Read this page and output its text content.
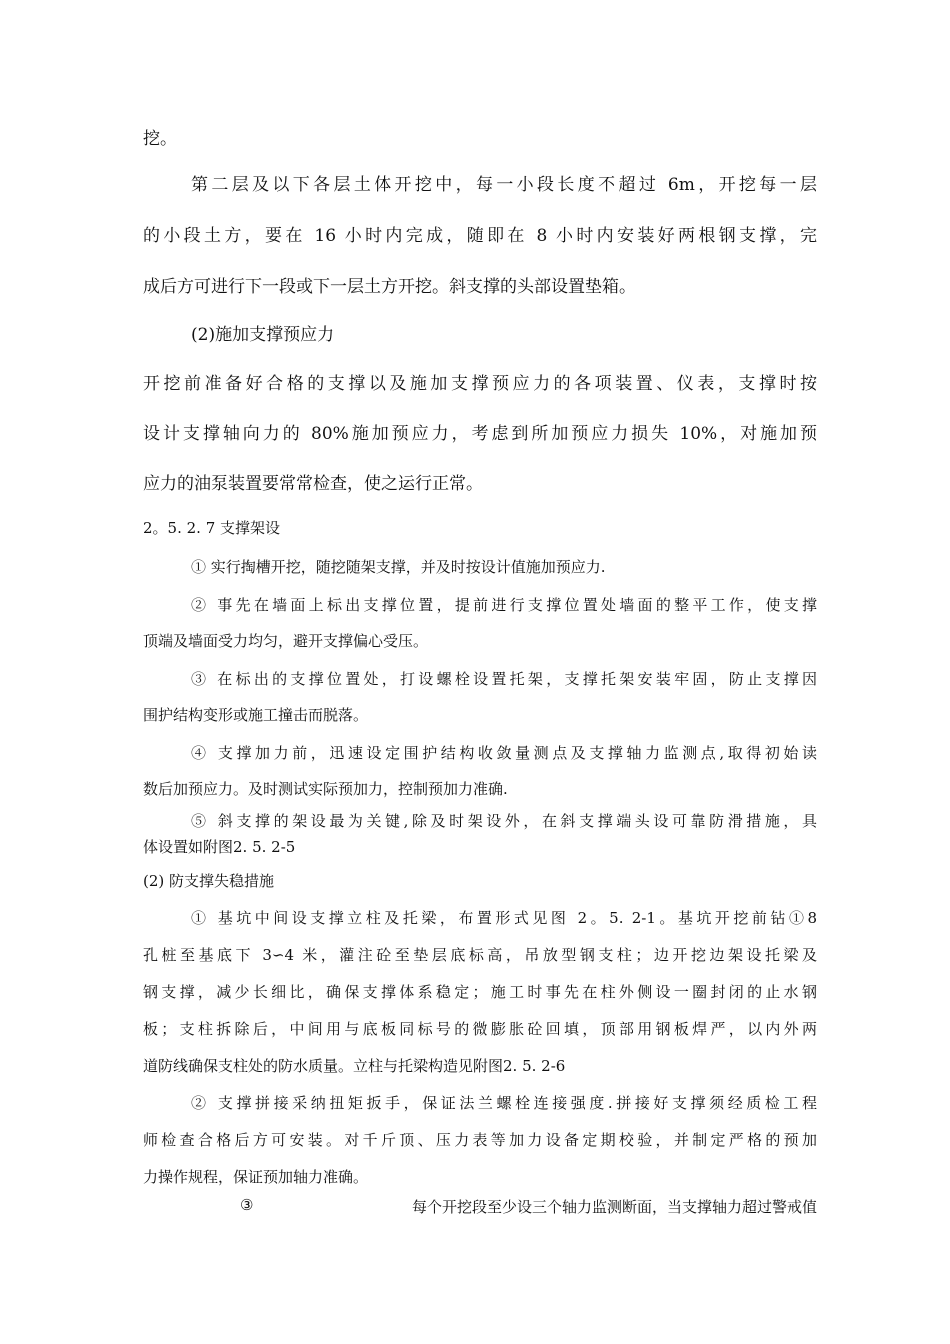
挖。

第二层及以下各层土体开挖中，每一小段长度不超过 6m，开挖每一层

的小段土方，要在 16 小时内完成，随即在 8 小时内安装好两根钢支撑，完

成后方可进行下一段或下一层土方开挖。斜支撑的头部设置垫箱。

(2)施加支撑预应力

开挖前准备好合格的支撑以及施加支撑预应力的各项装置、仪表，支撑时按

设计支撑轴向力的 80%施加预应力，考虑到所加预应力损失 10%，对施加预

应力的油泵装置要常常检查，使之运行正常。

2。5. 2. 7 支撑架设

① 实行掏槽开挖，随挖随架支撑，并及时按设计值施加预应力.

② 事先在墙面上标出支撑位置，提前进行支撑位置处墙面的整平工作，使支撑

顶端及墙面受力均匀，避开支撑偏心受压。

③ 在标出的支撑位置处，打设螺栓设置托架，支撑托架安装牢固，防止支撑因

围护结构变形或施工撞击而脱落。

④ 支撑加力前，迅速设定围护结构收敛量测点及支撑轴力监测点,取得初始读

数后加预应力。及时测试实际预加力，控制预加力准确.

⑤ 斜支撑的架设最为关键,除及时架设外，在斜支撑端头设可靠防滑措施，具

体设置如附图2. 5. 2-5

(2) 防支撑失稳措施

① 基坑中间设支撑立柱及托梁，布置形式见图 2。5. 2-1。基坑开挖前钻①8

孔桩至基底下 3∽4 米，灌注砼至垫层底标高，吊放型钢支柱；边开挖边架设托梁及

钢支撑，减少长细比，确保支撑体系稳定；施工时事先在柱外侧设一圈封闭的止水钢

板；支柱拆除后，中间用与底板同标号的微膨胀砼回填，顶部用钢板焊严，以内外两

道防线确保支柱处的防水质量。立柱与托梁构造见附图2. 5. 2-6

② 支撑拼接采纳扭矩扳手，保证法兰螺栓连接强度.拼接好支撑须经质检工程

师检查合格后方可安装。对千斤顶、压力表等加力设备定期校验，并制定严格的预加

力操作规程，保证预加轴力准确。

③	每个开挖段至少设三个轴力监测断面，当支撑轴力超过警戒值
